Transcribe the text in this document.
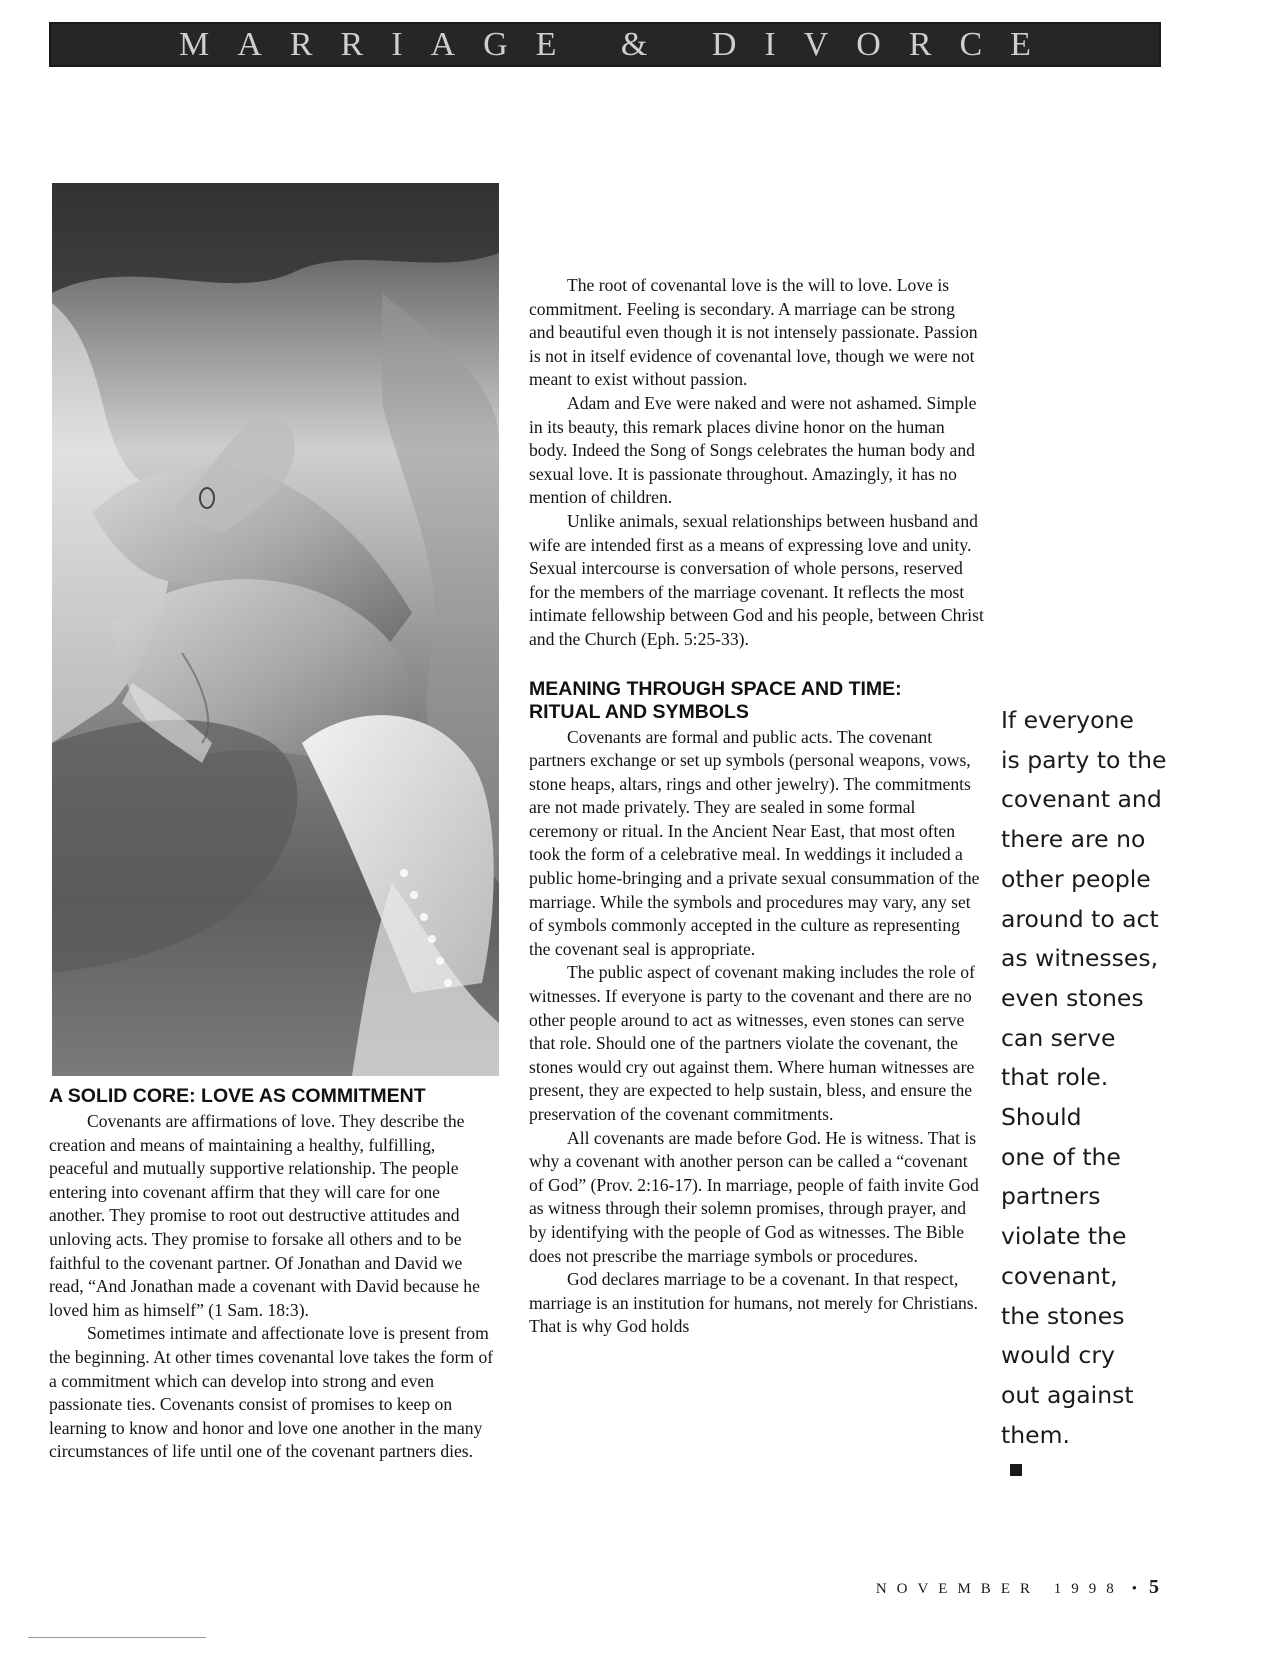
MARRIAGE & DIVORCE
A SOLID CORE: LOVE AS COMMITMENT

Covenants are affirmations of love. They describe the creation and means of maintaining a healthy, fulfilling, peaceful and mutually supportive relationship. The people entering into covenant affirm that they will care for one another. They promise to root out destructive attitudes and unloving acts. They promise to forsake all others and to be faithful to the covenant partner. Of Jonathan and David we read, “And Jonathan made a covenant with David because he loved him as himself” (1 Sam. 18:3).

Sometimes intimate and affectionate love is present from the beginning. At other times covenantal love takes the form of a commitment which can develop into strong and even passionate ties. Covenants consist of promises to keep on learning to know and honor and love one another in the many circumstances of life until one of the covenant partners dies.

The root of covenantal love is the will to love. Love is commitment. Feeling is secondary. A marriage can be strong and beautiful even though it is not intensely passionate. Passion is not in itself evidence of covenantal love, though we were not meant to exist without passion.

Adam and Eve were naked and were not ashamed. Simple in its beauty, this remark places divine honor on the human body. Indeed the Song of Songs celebrates the human body and sexual love. It is passionate throughout. Amazingly, it has no mention of children.

Unlike animals, sexual relationships between husband and wife are intended first as a means of expressing love and unity. Sexual intercourse is conversation of whole persons, reserved for the members of the marriage covenant. It reflects the most intimate fellowship between God and his people, between Christ and the Church (Eph. 5:25-33).

MEANING THROUGH SPACE AND TIME:
RITUAL AND SYMBOLS

Covenants are formal and public acts. The covenant partners exchange or set up symbols (personal weapons, vows, stone heaps, altars, rings and other jewelry). The commitments are not made privately. They are sealed in some formal ceremony or ritual. In the Ancient Near East, that most often took the form of a celebrative meal. In weddings it included a public home-bringing and a private sexual consummation of the marriage. While the symbols and procedures may vary, any set of symbols commonly accepted in the culture as representing the covenant seal is appropriate.

The public aspect of covenant making includes the role of witnesses. If everyone is party to the covenant and there are no other people around to act as witnesses, even stones can serve that role. Should one of the partners violate the covenant, the stones would cry out against them. Where human witnesses are present, they are expected to help sustain, bless, and ensure the preservation of the covenant commitments.

All covenants are made before God. He is witness. That is why a covenant with another person can be called a “covenant of God” (Prov. 2:16-17). In marriage, people of faith invite God as witness through their solemn promises, through prayer, and by identifying with the people of God as witnesses. The Bible does not prescribe the marriage symbols or procedures.

God declares marriage to be a covenant. In that respect, marriage is an institution for humans, not merely for Christians. That is why God holds

If everyone
is party to the
covenant and
there are no
other people
around to act
as witnesses,
even stones
can serve
that role.
Should
one of the
partners
violate the
covenant,
the stones
would cry
out against
them.
NOVEMBER 1998 • 5
